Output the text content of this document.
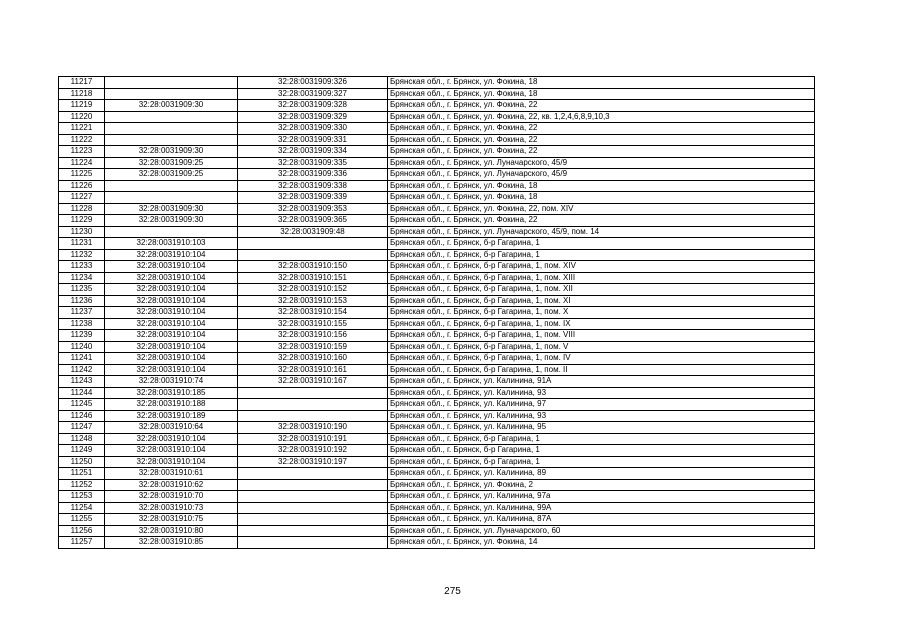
11217		32:28:0031909:326	Брянская обл., г. Брянск, ул. Фокина, 18
11218		32:28:0031909:327	Брянская обл., г. Брянск, ул. Фокина, 18
11219	32:28:0031909:30	32:28:0031909:328	Брянская обл., г. Брянск, ул. Фокина, 22
11220		32:28:0031909:329	Брянская обл., г. Брянск, ул. Фокина, 22, кв. 1,2,4,6,8,9,10,3
11221		32:28:0031909:330	Брянская обл., г. Брянск, ул. Фокина, 22
11222		32:28:0031909:331	Брянская обл., г. Брянск, ул. Фокина, 22
11223	32:28:0031909:30	32:28:0031909:334	Брянская обл., г. Брянск, ул. Фокина, 22
11224	32:28:0031909:25	32:28:0031909:335	Брянская обл., г. Брянск, ул. Луначарского, 45/9
11225	32:28:0031909:25	32:28:0031909:336	Брянская обл., г. Брянск, ул. Луначарского, 45/9
11226		32:28:0031909:338	Брянская обл., г. Брянск, ул. Фокина, 18
11227		32:28:0031909:339	Брянская обл., г. Брянск, ул. Фокина, 18
11228	32:28:0031909:30	32:28:0031909:353	Брянская обл., г. Брянск, ул. Фокина, 22, пом. XIV
11229	32:28:0031909:30	32:28:0031909:365	Брянская обл., г. Брянск, ул. Фокина, 22
11230		32:28:0031909:48	Брянская обл., г. Брянск, ул. Луначарского, 45/9, пом. 14
11231	32:28:0031910:103		Брянская обл., г. Брянск, б-р Гагарина, 1
11232	32:28:0031910:104		Брянская обл., г. Брянск, б-р Гагарина, 1
11233	32:28:0031910:104	32:28:0031910:150	Брянская обл., г. Брянск, б-р Гагарина, 1, пом. XIV
11234	32:28:0031910:104	32:28:0031910:151	Брянская обл., г. Брянск, б-р Гагарина, 1, пом. XIII
11235	32:28:0031910:104	32:28:0031910:152	Брянская обл., г. Брянск, б-р Гагарина, 1, пом. XII
11236	32:28:0031910:104	32:28:0031910:153	Брянская обл., г. Брянск, б-р Гагарина, 1, пом. XI
11237	32:28:0031910:104	32:28:0031910:154	Брянская обл., г. Брянск, б-р Гагарина, 1, пом. X
11238	32:28:0031910:104	32:28:0031910:155	Брянская обл., г. Брянск, б-р Гагарина, 1, пом. IX
11239	32:28:0031910:104	32:28:0031910:156	Брянская обл., г. Брянск, б-р Гагарина, 1, пом. VIII
11240	32:28:0031910:104	32:28:0031910:159	Брянская обл., г. Брянск, б-р Гагарина, 1, пом. V
11241	32:28:0031910:104	32:28:0031910:160	Брянская обл., г. Брянск, б-р Гагарина, 1, пом. IV
11242	32:28:0031910:104	32:28:0031910:161	Брянская обл., г. Брянск, б-р Гагарина, 1, пом. II
11243	32:28:0031910:74	32:28:0031910:167	Брянская обл., г. Брянск, ул. Калинина, 91А
11244	32:28:0031910:185		Брянская обл., г. Брянск, ул. Калинина, 93
11245	32:28:0031910:188		Брянская обл., г. Брянск, ул. Калинина, 97
11246	32:28:0031910:189		Брянская обл., г. Брянск, ул. Калинина, 93
11247	32:28:0031910:64	32:28:0031910:190	Брянская обл., г. Брянск, ул. Калинина, 95
11248	32:28:0031910:104	32:28:0031910:191	Брянская обл., г. Брянск, б-р Гагарина, 1
11249	32:28:0031910:104	32:28:0031910:192	Брянская обл., г. Брянск, б-р Гагарина, 1
11250	32:28:0031910:104	32:28:0031910:197	Брянская обл., г. Брянск, б-р Гагарина, 1
11251	32:28:0031910:61		Брянская обл., г. Брянск, ул. Калинина, 89
11252	32:28:0031910:62		Брянская обл., г. Брянск, ул. Фокина, 2
11253	32:28:0031910:70		Брянская обл., г. Брянск, ул. Калинина, 97а
11254	32:28:0031910:73		Брянская обл., г. Брянск, ул. Калинина, 99А
11255	32:28:0031910:75		Брянская обл., г. Брянск, ул. Калинина, 87А
11256	32:28:0031910:80		Брянская обл., г. Брянск, ул. Луначарского, 60
11257	32:28:0031910:85		Брянская обл., г. Брянск, ул. Фокина, 14
275
